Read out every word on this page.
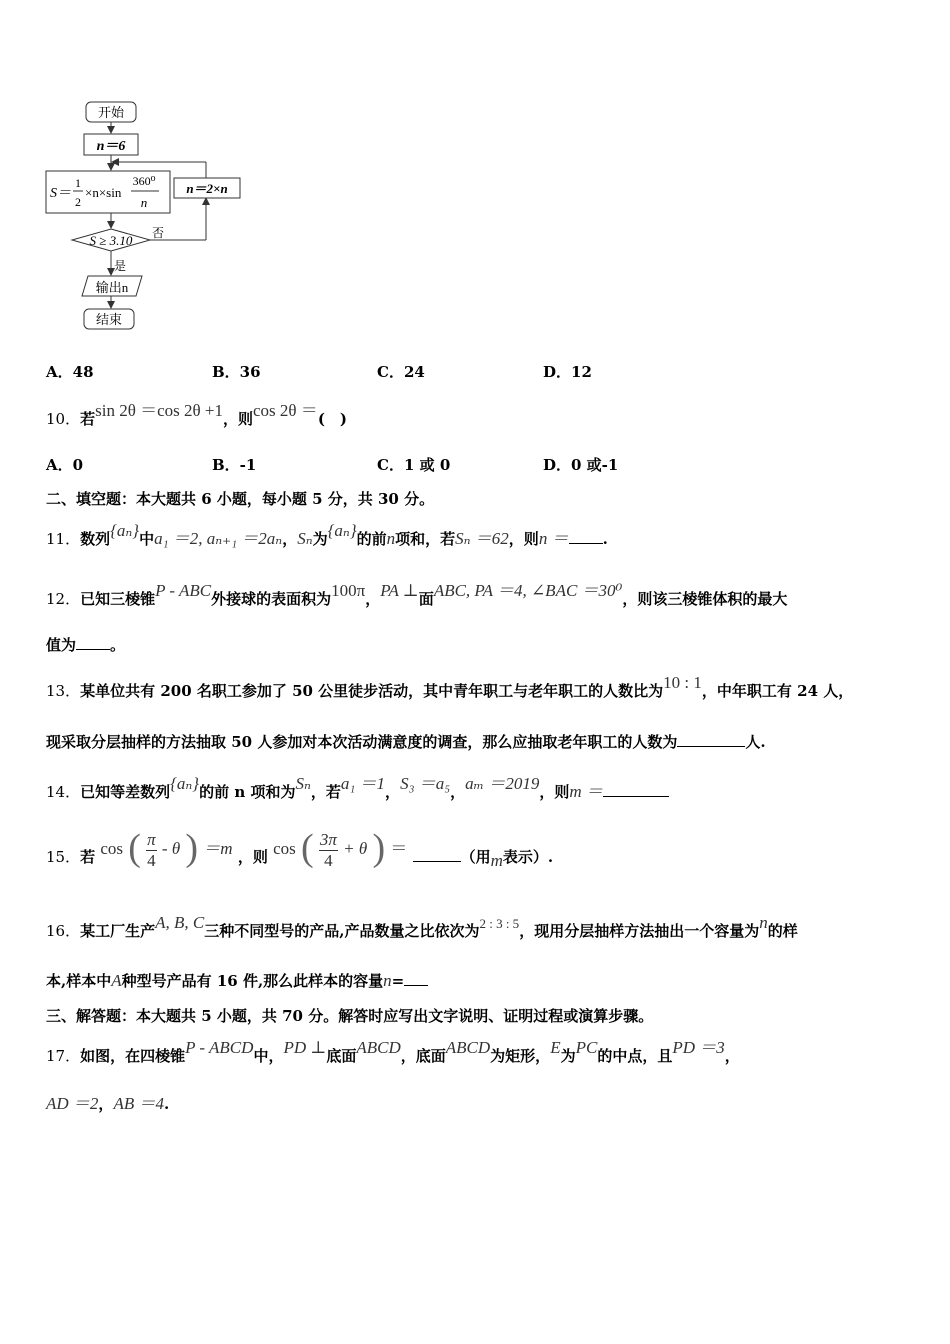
开始
n＝6
S＝
1
2
×n×sin
360⁰
n
S ≥ 3.10 否
n＝2×n
是
输出n
结束
A．48	B．36	C．24	D．12
10．若sin 2θ ＝cos 2θ +1，则cos 2θ ＝(　)
A．0	B．-1	C．1 或 0	D．0 或-1
二、填空题：本大题共 6 小题，每小题 5 分，共 30 分。
11．数列{aₙ}中a₁ ＝2, aₙ₊₁ ＝2aₙ，Sₙ为{aₙ}的前n项和，若Sₙ ＝62，则n ＝ .
12．已知三棱锥P - ABC外接球的表面积为100π，PA ⊥面ABC, PA ＝4, ∠BAC ＝30⁰，则该三棱锥体积的最大
值为 。
13．某单位共有 200 名职工参加了 50 公里徒步活动，其中青年职工与老年职工的人数比为10 : 1，中年职工有 24 人，
现采取分层抽样的方法抽取 50 人参加对本次活动满意度的调查，那么应抽取老年职工的人数为	人.
14．已知等差数列{aₙ}的前 n 项和为Sₙ，若a₁ ＝1，S₃ ＝a₅，aₘ ＝2019，则m ＝
15．若 cos ( $\frac{\pi}{4}$ - θ ) ＝m ，则 cos ( $\frac{3\pi}{4} + \theta$ ) ＝	（用m表示）.
16．某工厂生产A, B, C三种不同型号的产品,产品数量之比依次为2 : 3 : 5，现用分层抽样方法抽出一个容量为n的样
本,样本中A种型号产品有 16 件,那么此样本的容量n=
三、解答题：本大题共 5 小题，共 70 分。解答时应写出文字说明、证明过程或演算步骤。
17．如图，在四棱锥P - ABCD中，PD ⊥底面ABCD，底面ABCD为矩形，E为PC的中点，且PD ＝3，
AD ＝2，AB ＝4.
